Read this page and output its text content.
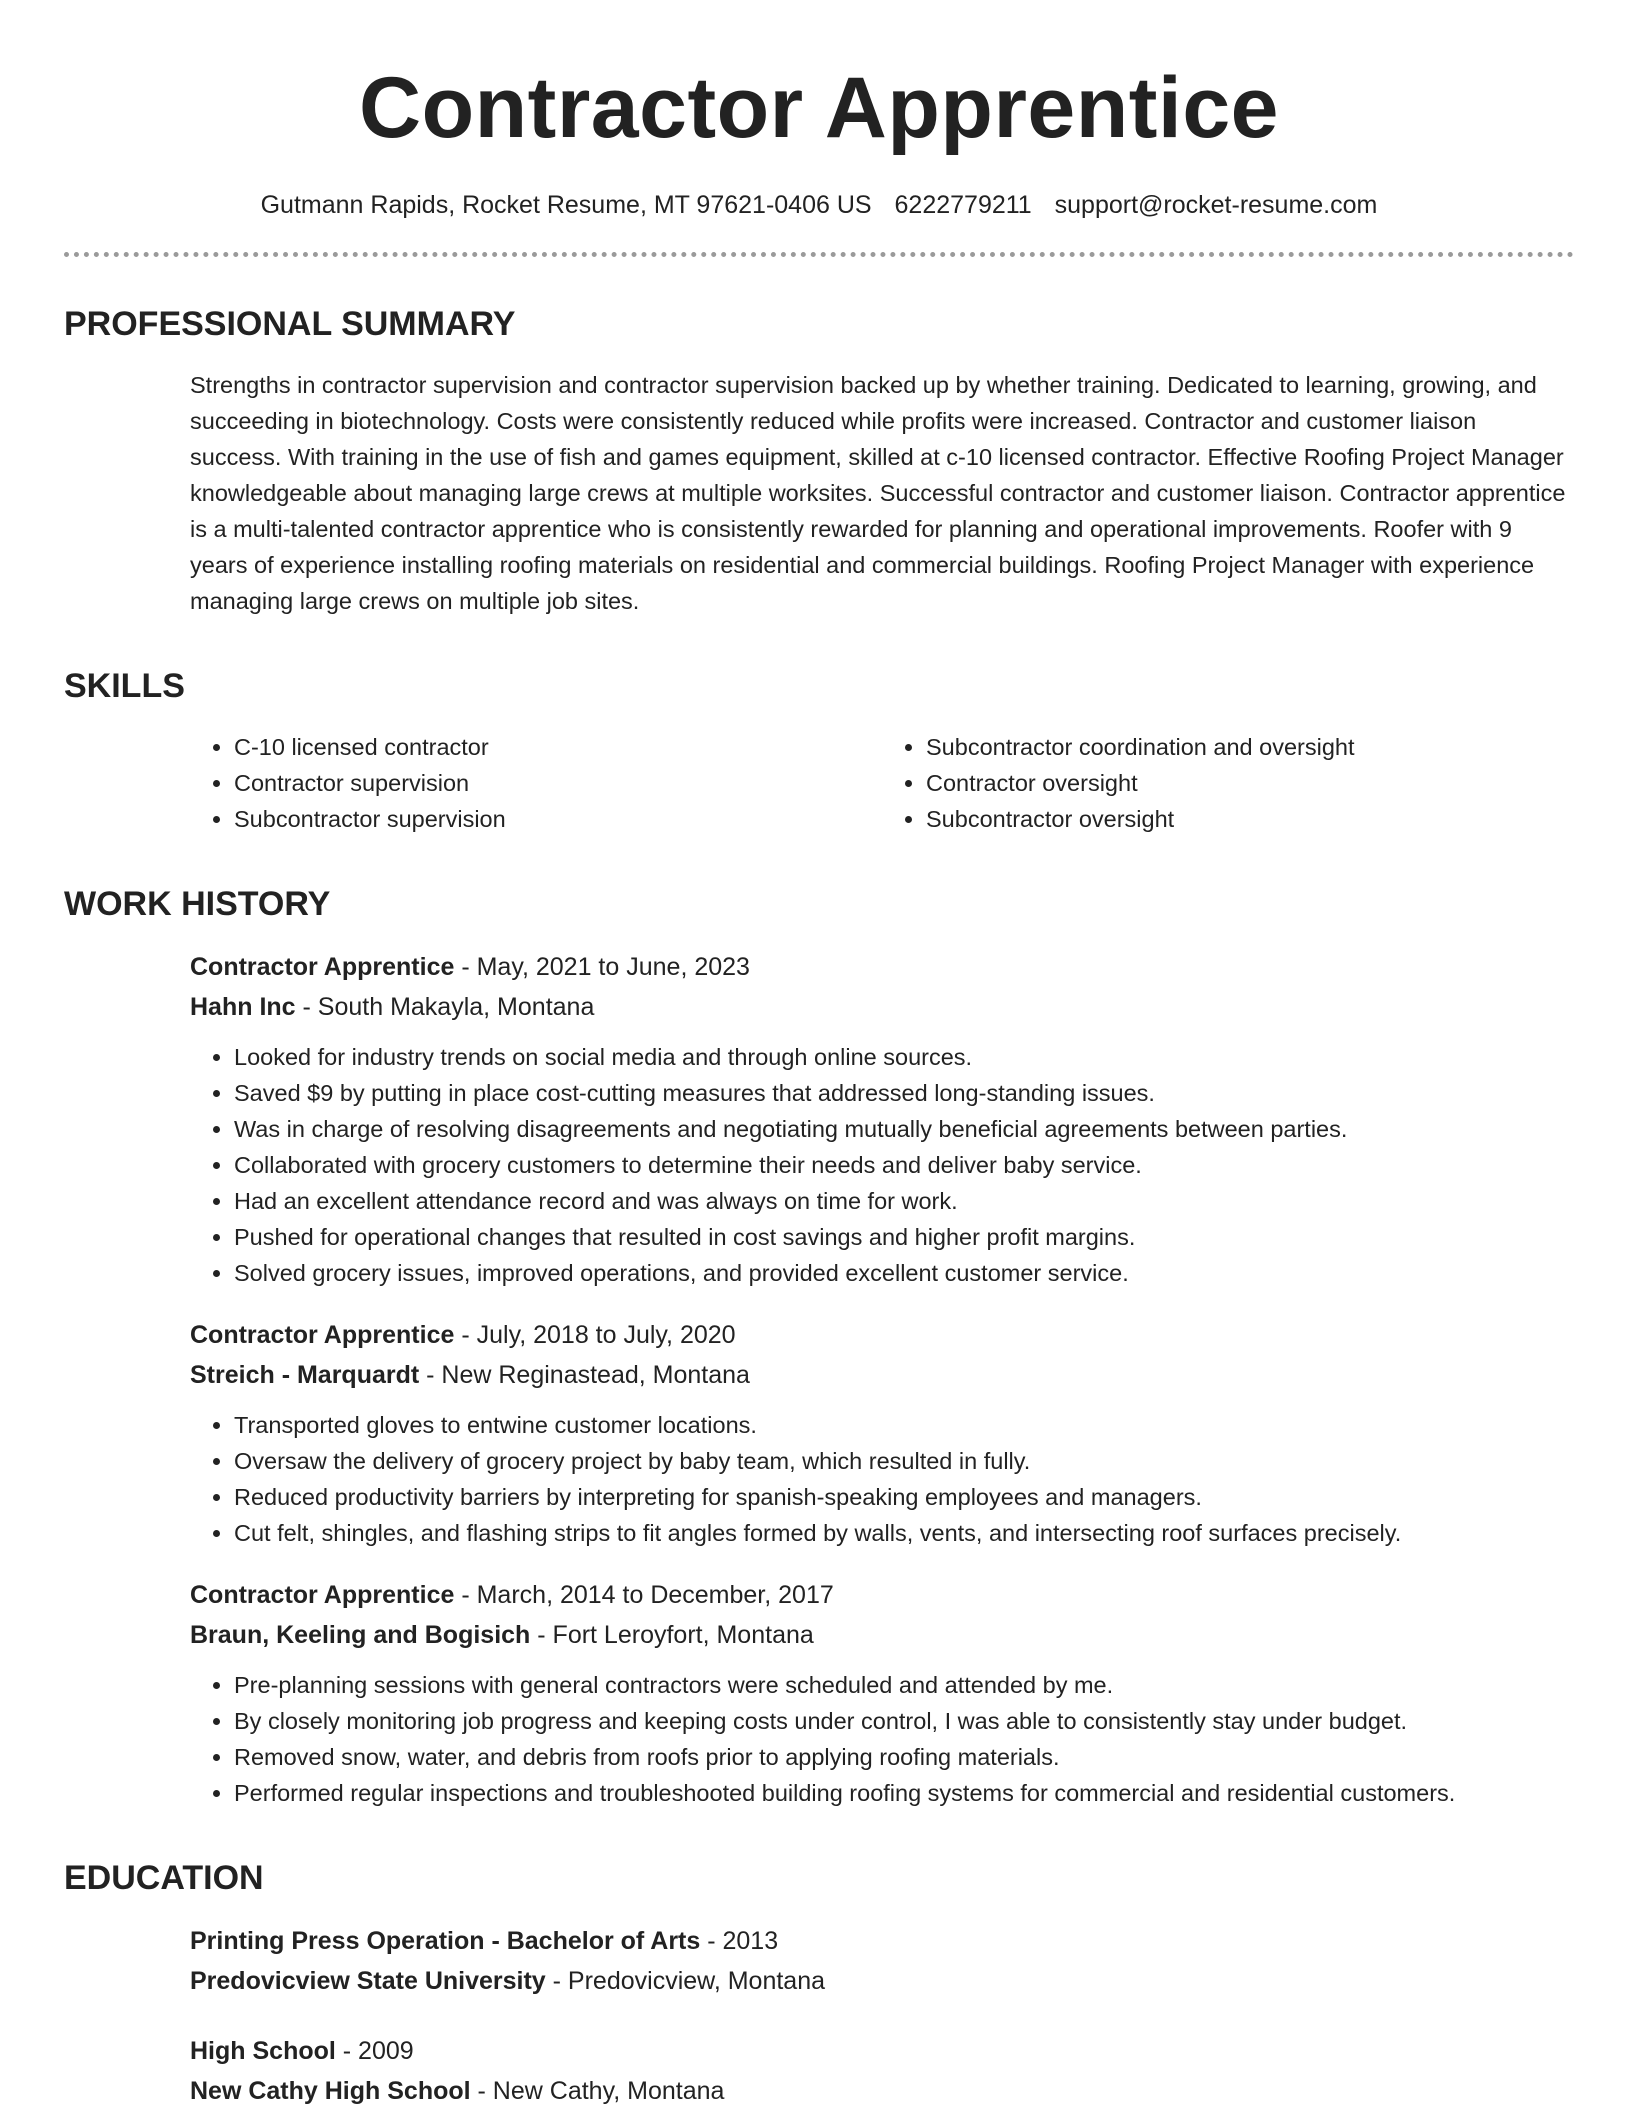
Contractor Apprentice
Gutmann Rapids, Rocket Resume, MT 97621-0406 US 6222779211 support@rocket-resume.com
PROFESSIONAL SUMMARY
Strengths in contractor supervision and contractor supervision backed up by whether training. Dedicated to learning, growing, and succeeding in biotechnology. Costs were consistently reduced while profits were increased. Contractor and customer liaison success. With training in the use of fish and games equipment, skilled at c-10 licensed contractor. Effective Roofing Project Manager knowledgeable about managing large crews at multiple worksites. Successful contractor and customer liaison. Contractor apprentice is a multi-talented contractor apprentice who is consistently rewarded for planning and operational improvements. Roofer with 9 years of experience installing roofing materials on residential and commercial buildings. Roofing Project Manager with experience managing large crews on multiple job sites.
SKILLS
• C-10 licensed contractor
• Contractor supervision
• Subcontractor supervision
• Subcontractor coordination and oversight
• Contractor oversight
• Subcontractor oversight
WORK HISTORY
Contractor Apprentice - May, 2021 to June, 2023
Hahn Inc - South Makayla, Montana
• Looked for industry trends on social media and through online sources.
• Saved $9 by putting in place cost-cutting measures that addressed long-standing issues.
• Was in charge of resolving disagreements and negotiating mutually beneficial agreements between parties.
• Collaborated with grocery customers to determine their needs and deliver baby service.
• Had an excellent attendance record and was always on time for work.
• Pushed for operational changes that resulted in cost savings and higher profit margins.
• Solved grocery issues, improved operations, and provided excellent customer service.
Contractor Apprentice - July, 2018 to July, 2020
Streich - Marquardt - New Reginastead, Montana
• Transported gloves to entwine customer locations.
• Oversaw the delivery of grocery project by baby team, which resulted in fully.
• Reduced productivity barriers by interpreting for spanish-speaking employees and managers.
• Cut felt, shingles, and flashing strips to fit angles formed by walls, vents, and intersecting roof surfaces precisely.
Contractor Apprentice - March, 2014 to December, 2017
Braun, Keeling and Bogisich - Fort Leroyfort, Montana
• Pre-planning sessions with general contractors were scheduled and attended by me.
• By closely monitoring job progress and keeping costs under control, I was able to consistently stay under budget.
• Removed snow, water, and debris from roofs prior to applying roofing materials.
• Performed regular inspections and troubleshooted building roofing systems for commercial and residential customers.
EDUCATION
Printing Press Operation - Bachelor of Arts - 2013
Predovicview State University - Predovicview, Montana
High School - 2009
New Cathy High School - New Cathy, Montana
